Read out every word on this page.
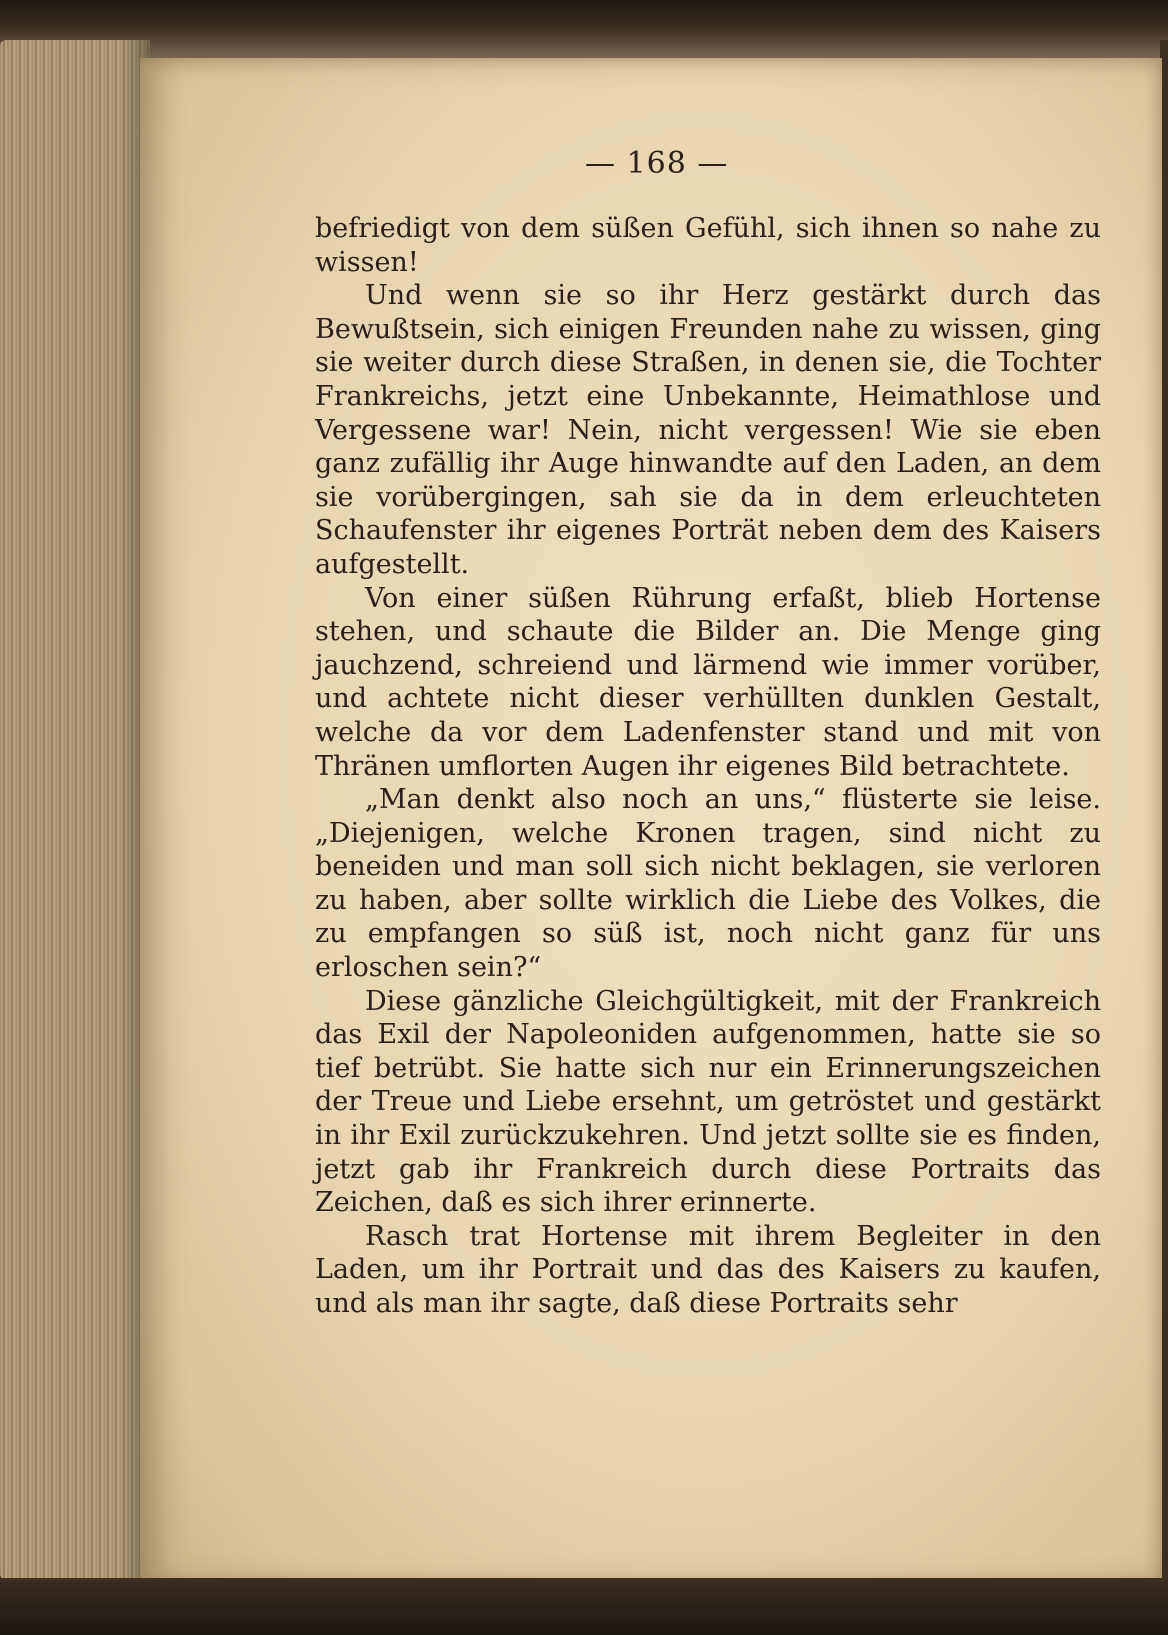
— 168 —

befriedigt von dem süßen Gefühl, sich ihnen so nahe zu wissen!

Und wenn sie so ihr Herz gestärkt durch das Bewußtsein, sich einigen Freunden nahe zu wissen, ging sie weiter durch diese Straßen, in denen sie, die Tochter Frankreichs, jetzt eine Unbekannte, Heimathlose und Vergessene war! Nein, nicht vergessen! Wie sie eben ganz zufällig ihr Auge hinwandte auf den Laden, an dem sie vorübergingen, sah sie da in dem erleuchteten Schaufenster ihr eigenes Porträt neben dem des Kaisers aufgestellt.

Von einer süßen Rührung erfaßt, blieb Hortense stehen, und schaute die Bilder an. Die Menge ging jauchzend, schreiend und lärmend wie immer vorüber, und achtete nicht dieser verhüllten dunklen Gestalt, welche da vor dem Ladenfenster stand und mit von Thränen umflorten Augen ihr eigenes Bild betrachtete.

„Man denkt also noch an uns,“ flüsterte sie leise. „Diejenigen, welche Kronen tragen, sind nicht zu beneiden und man soll sich nicht beklagen, sie verloren zu haben, aber sollte wirklich die Liebe des Volkes, die zu empfangen so süß ist, noch nicht ganz für uns erloschen sein?“

Diese gänzliche Gleichgültigkeit, mit der Frankreich das Exil der Napoleoniden aufgenommen, hatte sie so tief betrübt. Sie hatte sich nur ein Erinnerungszeichen der Treue und Liebe ersehnt, um getröstet und gestärkt in ihr Exil zurückzukehren. Und jetzt sollte sie es finden, jetzt gab ihr Frankreich durch diese Portraits das Zeichen, daß es sich ihrer erinnerte.

Rasch trat Hortense mit ihrem Begleiter in den Laden, um ihr Portrait und das des Kaisers zu kaufen, und als man ihr sagte, daß diese Portraits sehr
